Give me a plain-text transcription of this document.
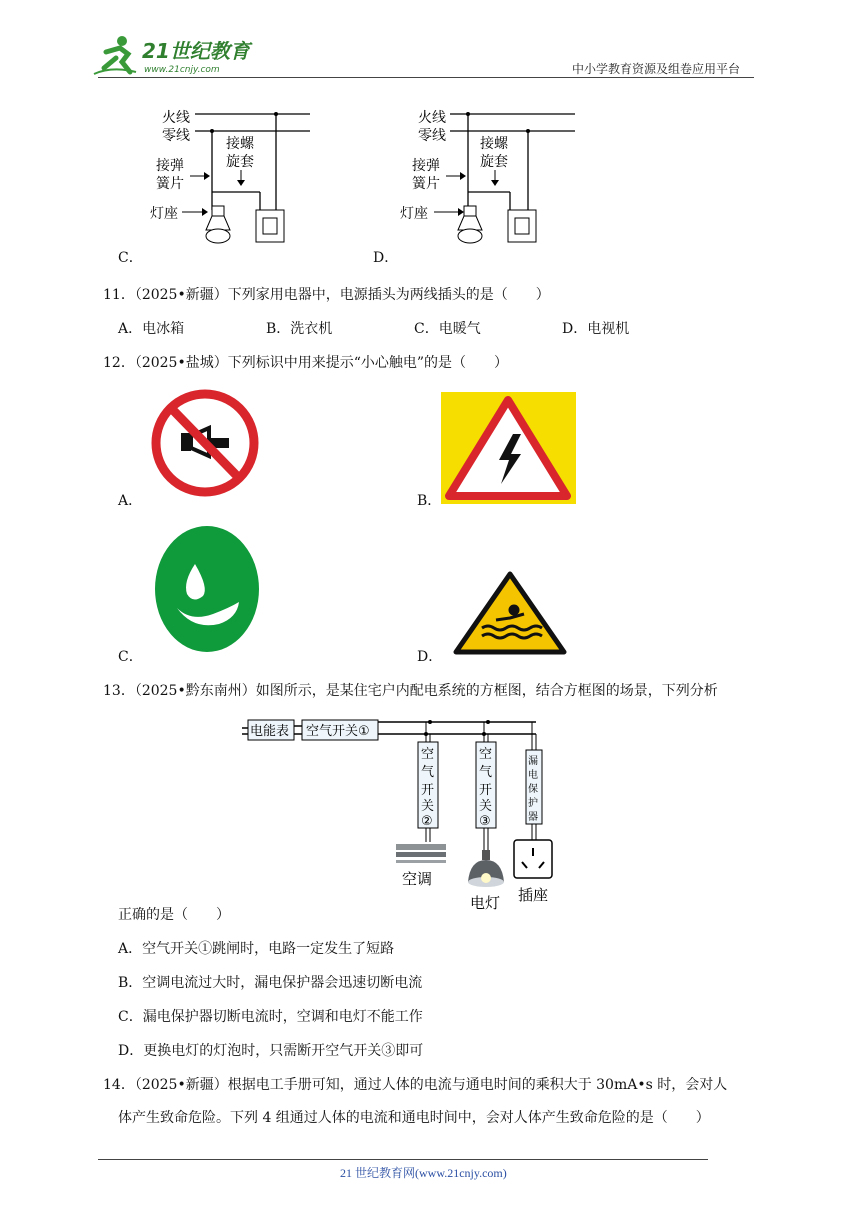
21世纪教育
www.21cnjy.com	中小学教育资源及组卷应用平台
火线
零线	接螺
旋套
接弹
簧片
灯座
C．
火线
零线 接螺
旋套
接弹
簧片
灯座
D．
11．（2025•新疆）下列家用电器中，电源插头为两线插头的是（　　）
A．电冰箱	B．洗衣机	C．电暖气	D．电视机
12．（2025•盐城）下列标识中用来提示“小心触电”的是（　　）
A．	B．
C．	D．
13．（2025•黔东南州）如图所示，是某住宅户内配电系统的方框图，结合方框图的场景，下列分析
电能表 空气开关①
空
气
开
关
②
空
气
开
关
③
漏
电
保
护
器
空调
电灯 插座
正确的是（　　）
A．空气开关①跳闸时，电路一定发生了短路
B．空调电流过大时，漏电保护器会迅速切断电流
C．漏电保护器切断电流时，空调和电灯不能工作
D．更换电灯的灯泡时，只需断开空气开关③即可
14．（2025•新疆）根据电工手册可知，通过人体的电流与通电时间的乘积大于 30mA•s 时，会对人
体产生致命危险。下列 4 组通过人体的电流和通电时间中，会对人体产生致命危险的是（　　）
21 世纪教育网(www.21cnjy.com)
